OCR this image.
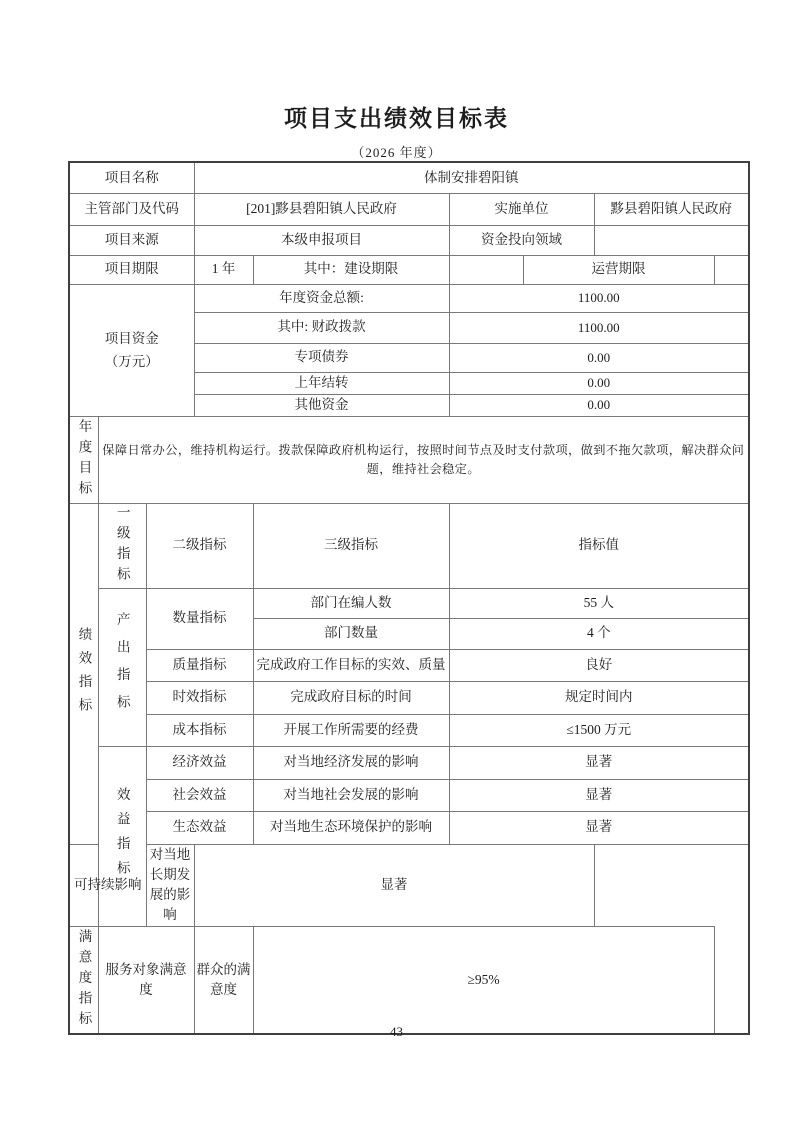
项目支出绩效目标表
（2026 年度）
项目名称			体制安排碧阳镇					
主管部门及代码			[201]黟县碧阳镇人民政府		实施单位		黟县碧阳镇人民政府	
项目来源			本级申报项目		资金投向领域			
项目期限			1 年	其中：建设期限		运营期限		

项目资金
（万元）			年度资金总额:		1100.00			
			其中: 财政拨款		1100.00			
			专项债券		0.00			
			上年结转		0.00			
			其他资金		0.00			
年度目标	保障日常办公，维持机构运行。拨款保障政府机构运行，按照时间节点及时支付款项，做到不拖欠款项，解决群众问题，维持社会稳定。							
绩效指标	一级指标	二级指标		三级指标	指标值			
	产出指标	数量指标		部门在编人数	55 人			
				部门数量	4 个			
		质量指标		完成政府工作目标的实效、质量	良好			
		时效指标		完成政府目标的时间	规定时间内			
		成本指标		开展工作所需要的经费	≤1500 万元			
	效益指标	经济效益		对当地经济发展的影响	显著			
		社会效益		对当地社会发展的影响	显著			
		生态效益		对当地生态环境保护的影响	显著			
可持续影响		对当地长期发展的影响	显著					
满意度指标	服务对象满意度		群众的满意度	≥95%				
43
